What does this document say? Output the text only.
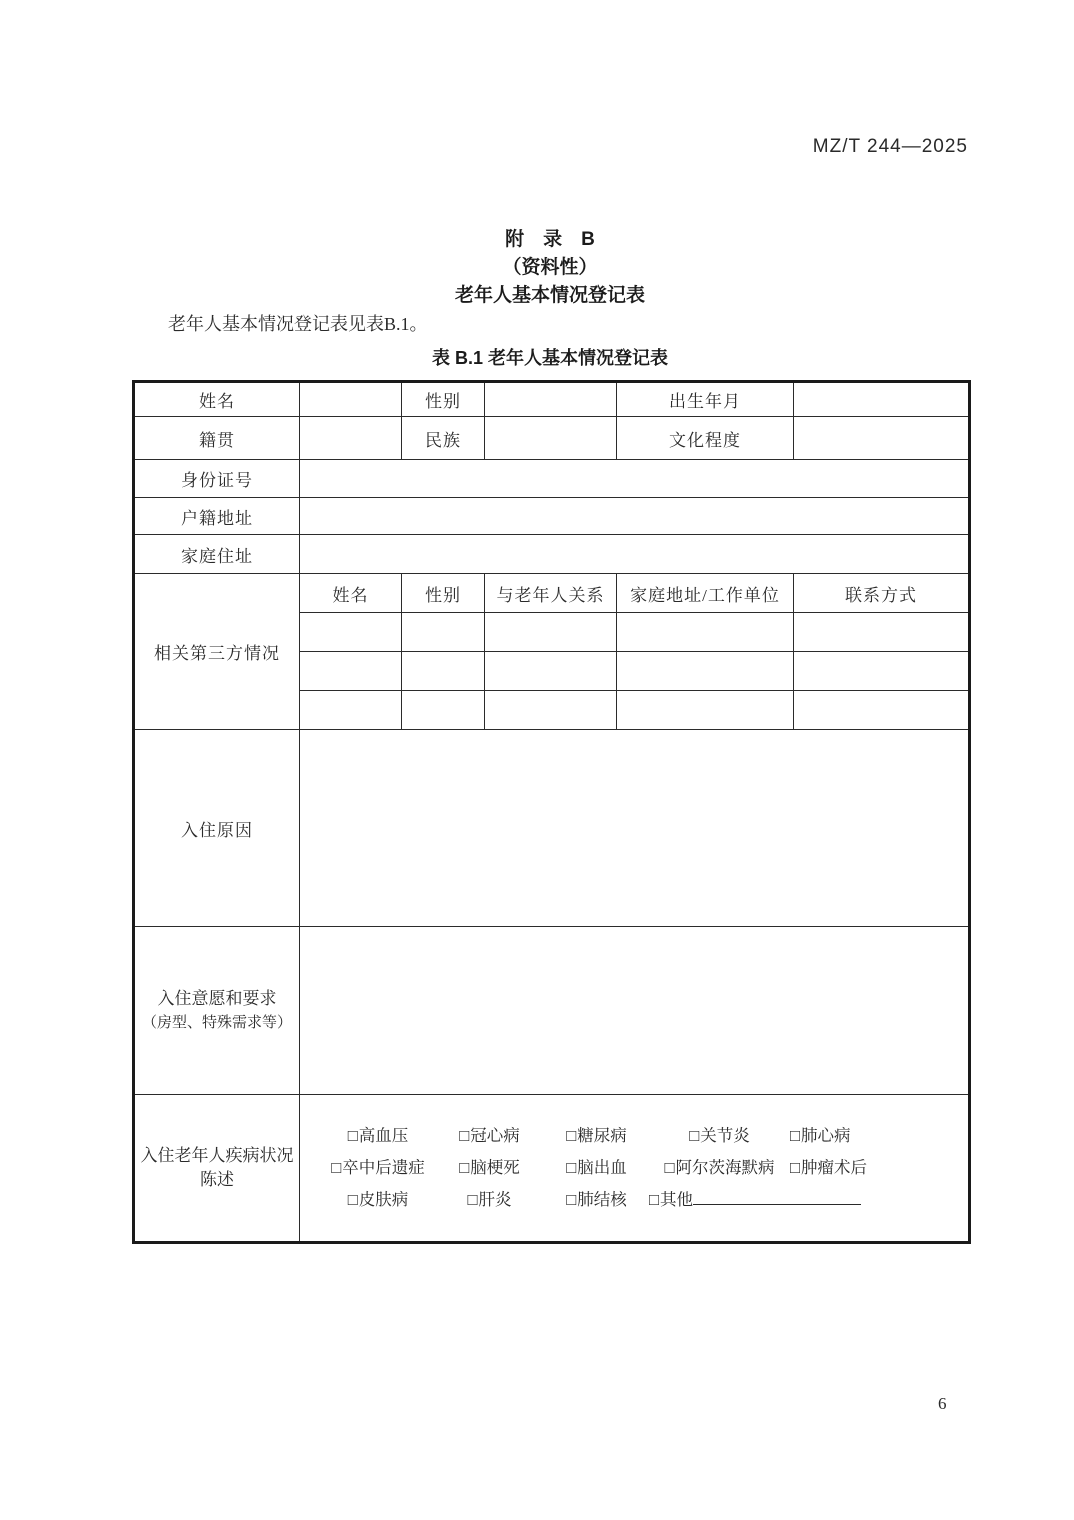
MZ/T 244—2025
附　录　B
（资料性）
老年人基本情况登记表

老年人基本情况登记表见表B.1。

表 B.1 老年人基本情况登记表
姓名		性别		出生年月	
籍贯		民族		文化程度	
身份证号					
户籍地址					
家庭住址					
相关第三方情况	姓名	性别	与老年人关系	家庭地址/工作单位	联系方式

入住原因					

入住意愿和要求
（房型、特殊需求等）					

入住老年人疾病状况
陈述

□高血压	□冠心病	□糖尿病	□关节炎	□肺心病
□卒中后遗症	□脑梗死	□脑出血	□阿尔茨海默病 □肿瘤术后
□皮肤病	□肝炎	□肺结核	□其他
6
